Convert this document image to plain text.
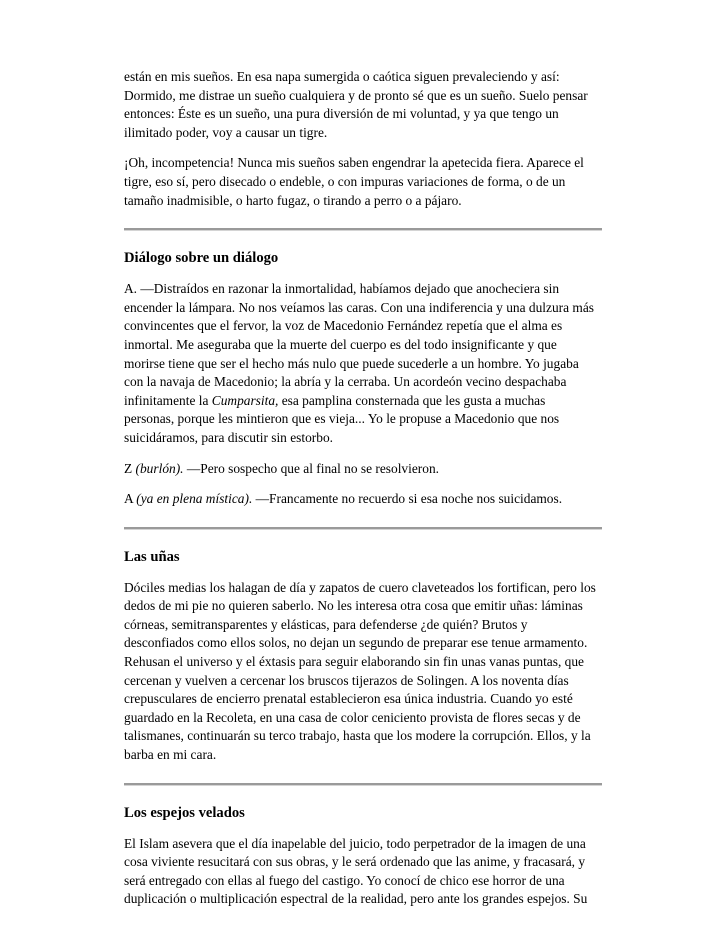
están en mis sueños. En esa napa sumergida o caótica siguen prevaleciendo y así:
Dormido, me distrae un sueño cualquiera y de pronto sé que es un sueño. Suelo pensar
entonces: Éste es un sueño, una pura diversión de mi voluntad, y ya que tengo un
ilimitado poder, voy a causar un tigre.

¡Oh, incompetencia! Nunca mis sueños saben engendrar la apetecida fiera. Aparece el
tigre, eso sí, pero disecado o endeble, o con impuras variaciones de forma, o de un
tamaño inadmisible, o harto fugaz, o tirando a perro o a pájaro.

Diálogo sobre un diálogo

A. —Distraídos en razonar la inmortalidad, habíamos dejado que anocheciera sin
encender la lámpara. No nos veíamos las caras. Con una indiferencia y una dulzura más
convincentes que el fervor, la voz de Macedonio Fernández repetía que el alma es
inmortal. Me aseguraba que la muerte del cuerpo es del todo insignificante y que
morirse tiene que ser el hecho más nulo que puede sucederle a un hombre. Yo jugaba
con la navaja de Macedonio; la abría y la cerraba. Un acordeón vecino despachaba
infinitamente la Cumparsita, esa pamplina consternada que les gusta a muchas
personas, porque les mintieron que es vieja... Yo le propuse a Macedonio que nos
suicidáramos, para discutir sin estorbo.

Z (burlón). —Pero sospecho que al final no se resolvieron.

A (ya en plena mística). —Francamente no recuerdo si esa noche nos suicidamos.

Las uñas

Dóciles medias los halagan de día y zapatos de cuero claveteados los fortifican, pero los
dedos de mi pie no quieren saberlo. No les interesa otra cosa que emitir uñas: láminas
córneas, semitransparentes y elásticas, para defenderse ¿de quién? Brutos y
desconfiados como ellos solos, no dejan un segundo de preparar ese tenue armamento.
Rehusan el universo y el éxtasis para seguir elaborando sin fin unas vanas puntas, que
cercenan y vuelven a cercenar los bruscos tijerazos de Solingen. A los noventa días
crepusculares de encierro prenatal establecieron esa única industria. Cuando yo esté
guardado en la Recoleta, en una casa de color ceniciento provista de flores secas y de
talismanes, continuarán su terco trabajo, hasta que los modere la corrupción. Ellos, y la
barba en mi cara.

Los espejos velados

El Islam asevera que el día inapelable del juicio, todo perpetrador de la imagen de una
cosa viviente resucitará con sus obras, y le será ordenado que las anime, y fracasará, y
será entregado con ellas al fuego del castigo. Yo conocí de chico ese horror de una
duplicación o multiplicación espectral de la realidad, pero ante los grandes espejos. Su
